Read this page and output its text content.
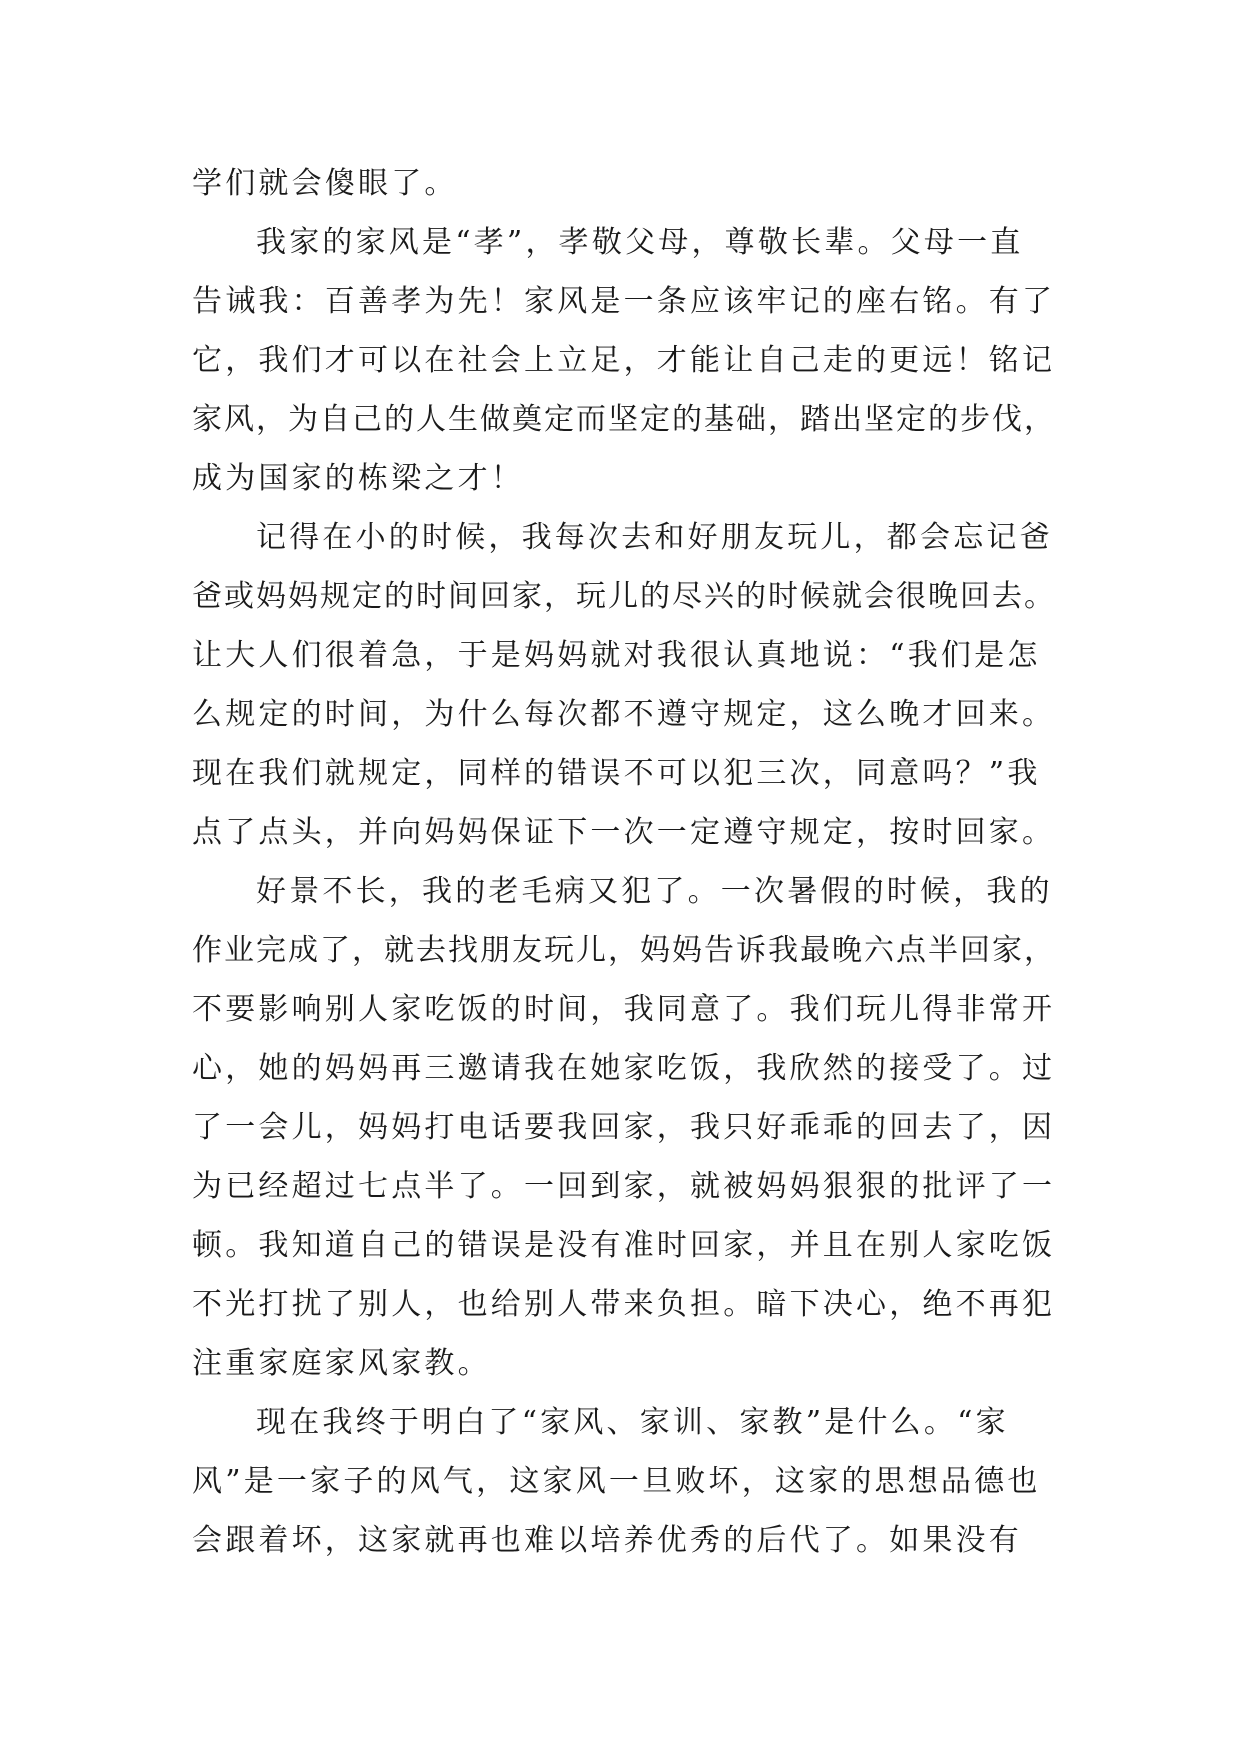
学们就会傻眼了。
我家的家风是“孝”，孝敬父母，尊敬长辈。父母一直
告诫我：百善孝为先！家风是一条应该牢记的座右铭。有了
它，我们才可以在社会上立足，才能让自己走的更远！铭记
家风，为自己的人生做奠定而坚定的基础，踏出坚定的步伐，
成为国家的栋梁之才！
记得在小的时候，我每次去和好朋友玩儿，都会忘记爸
爸或妈妈规定的时间回家，玩儿的尽兴的时候就会很晚回去。
让大人们很着急，于是妈妈就对我很认真地说：“我们是怎
么规定的时间，为什么每次都不遵守规定，这么晚才回来。
现在我们就规定，同样的错误不可以犯三次，同意吗？”我
点了点头，并向妈妈保证下一次一定遵守规定，按时回家。
好景不长，我的老毛病又犯了。一次暑假的时候，我的
作业完成了，就去找朋友玩儿，妈妈告诉我最晚六点半回家，
不要影响别人家吃饭的时间，我同意了。我们玩儿得非常开
心，她的妈妈再三邀请我在她家吃饭，我欣然的接受了。过
了一会儿，妈妈打电话要我回家，我只好乖乖的回去了，因
为已经超过七点半了。一回到家，就被妈妈狠狠的批评了一
顿。我知道自己的错误是没有准时回家，并且在别人家吃饭
不光打扰了别人，也给别人带来负担。暗下决心，绝不再犯
注重家庭家风家教。
现在我终于明白了“家风、家训、家教”是什么。“家
风”是一家子的风气，这家风一旦败坏，这家的思想品德也
会跟着坏，这家就再也难以培养优秀的后代了。如果没有
